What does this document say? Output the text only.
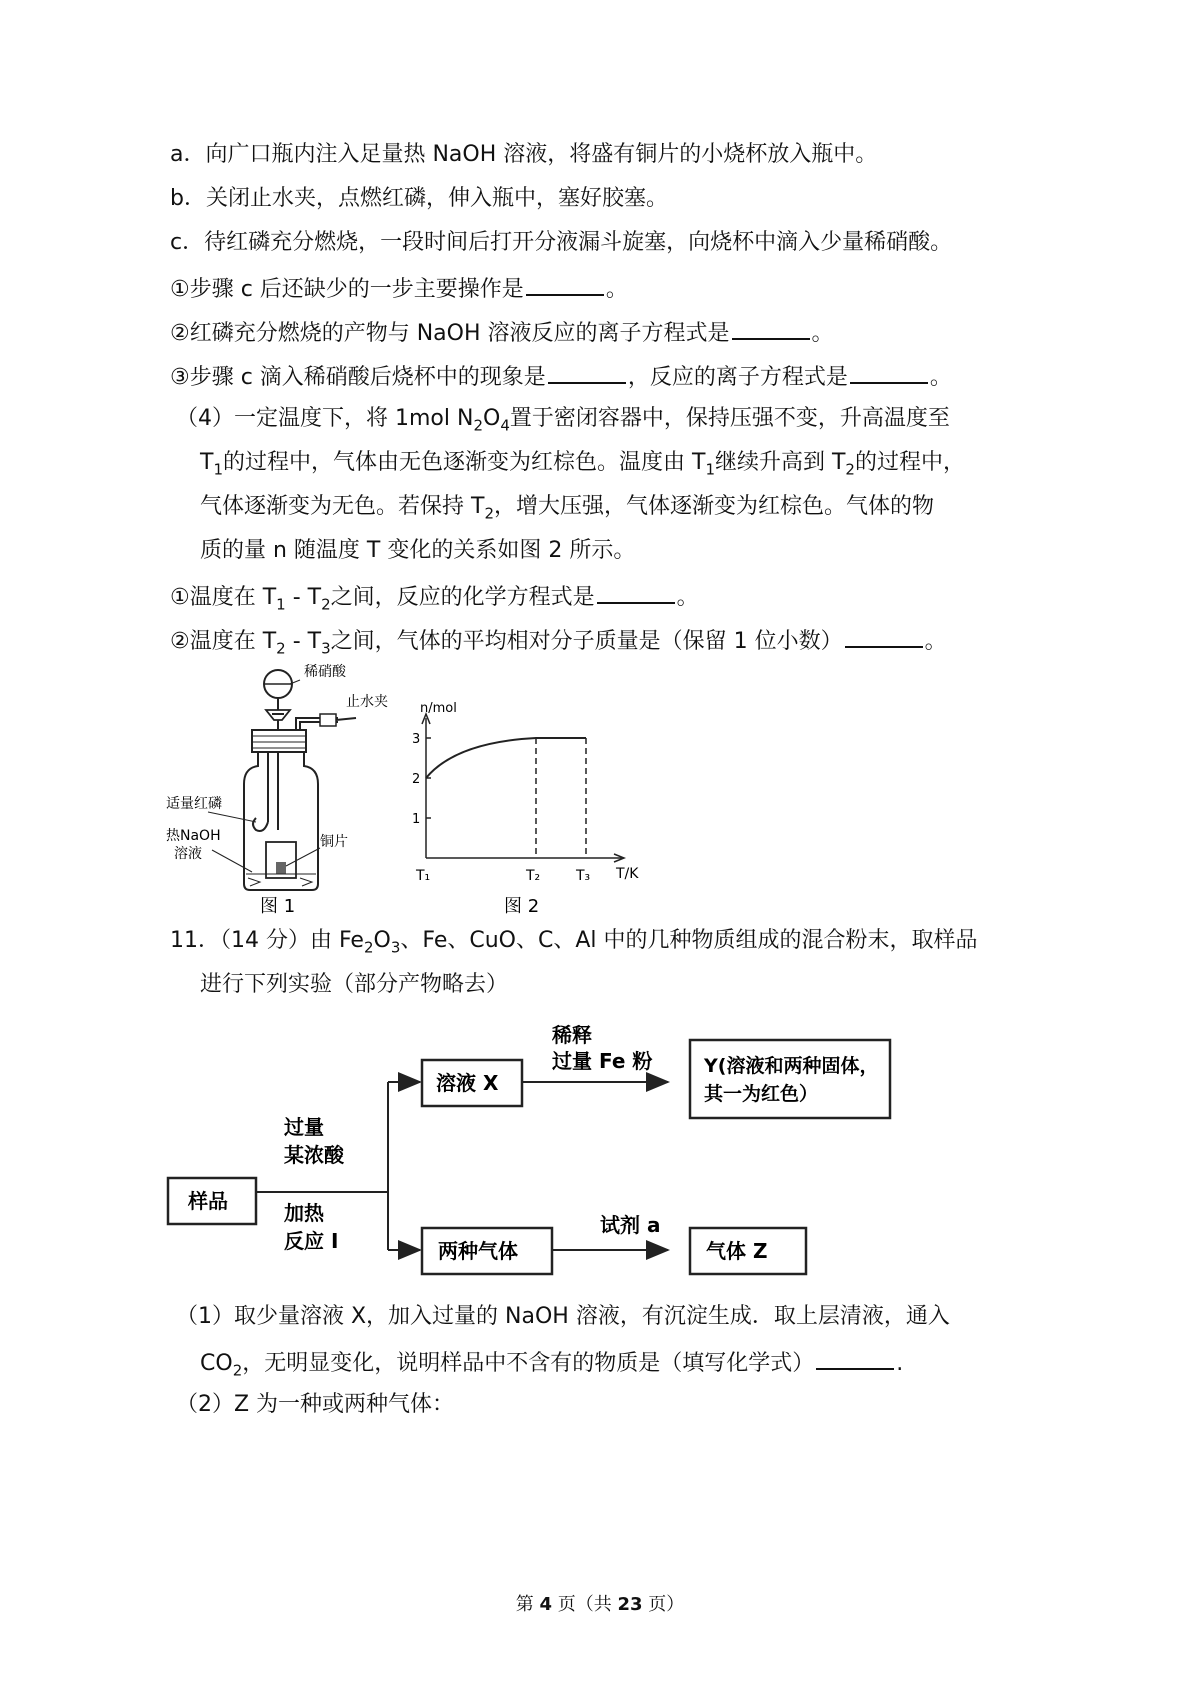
a．向广口瓶内注入足量热 NaOH 溶液，将盛有铜片的小烧杯放入瓶中。
b．关闭止水夹，点燃红磷，伸入瓶中，塞好胶塞。
c．待红磷充分燃烧，一段时间后打开分液漏斗旋塞，向烧杯中滴入少量稀硝酸。
①步骤 c 后还缺少的一步主要操作是	。
②红磷充分燃烧的产物与 NaOH 溶液反应的离子方程式是	。
③步骤 c 滴入稀硝酸后烧杯中的现象是	，反应的离子方程式是	。
（4）一定温度下，将 1mol $N_2O_4$置于密闭容器中，保持压强不变，升高温度至
$T_1$的过程中，气体由无色逐渐变为红棕色。温度由 $T_1$继续升高到 $T_2$的过程中，
气体逐渐变为无色。若保持 $T_2$，增大压强，气体逐渐变为红棕色。气体的物
质的量 n 随温度 T 变化的关系如图 2 所示。
①温度在 $T_1 - T_2$之间，反应的化学方程式是	。
②温度在 $T_2 - T_3$之间，气体的平均相对分子质量是（保留 1 位小数）	。
稀硝酸
止水夹
适量红磷
热NaOH
溶液
铜片
图 1
n/mol
T/K
1
2
3
T₁	T₂	T₃
图 2
11．（14 分）由 $Fe_2O_3$、Fe、CuO、C、Al 中的几种物质组成的混合粉末，取样品
进行下列实验（部分产物略去）
样品
过量
某浓酸
加热
反应 I
溶液 X
稀释
过量 Fe 粉	Y(溶液和两种固体，
其一为红色）
两种气体
试剂 a
气体 Z
（1）取少量溶液 X，加入过量的 NaOH 溶液，有沉淀生成．取上层清液，通入
$CO_2$，无明显变化，说明样品中不含有的物质是（填写化学式）	.
（2）Z 为一种或两种气体：
第 4 页（共 23 页）
